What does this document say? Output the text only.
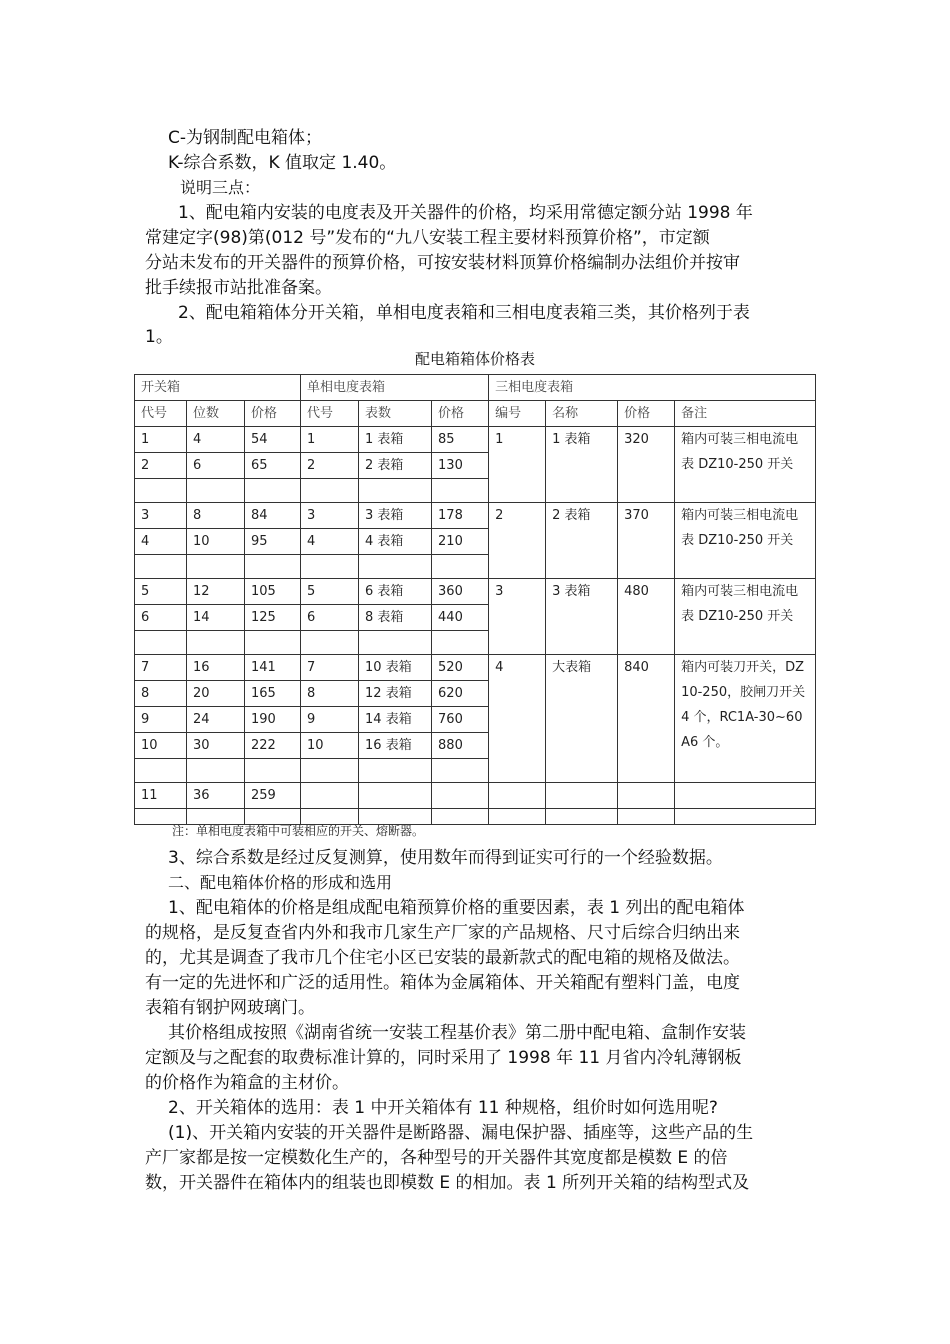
C-为钢制配电箱体；
K-综合系数，K 值取定 1.40。
说明三点：
1、配电箱内安装的电度表及开关器件的价格，均采用常德定额分站 1998 年
常建定字(98)第(012 号”发布的“九八安装工程主要材料预算价格”，市定额
分站未发布的开关器件的预算价格，可按安装材料顶算价格编制办法组价并按审
批手续报市站批准备案。
2、配电箱箱体分开关箱，单相电度表箱和三相电度表箱三类，其价格列于表
1。
配电箱箱体价格表
开关箱			单相电度表箱			三相电度表箱			
代号	位数	价格	代号	表数	价格	编号	名称	价格	备注
1	4	54	1	1 表箱	85	1	1 表箱	320	箱内可装三相电流电表 DZ10-250 开关
2	6	65	2	2 表箱	130				

3	8	84	3	3 表箱	178	2	2 表箱	370	箱内可装三相电流电表 DZ10-250 开关
4	10	95	4	4 表箱	210				

5	12	105	5	6 表箱	360	3	3 表箱	480	箱内可装三相电流电表 DZ10-250 开关
6	14	125	6	8 表箱	440				

7	16	141	7	10 表箱	520	4	大表箱	840	箱内可装刀开关，DZ10-250，胶闸刀开关 4 个，RC1A-30~60A6 个。
8	20	165	8	12 表箱	620				
9	24	190	9	14 表箱	760				
10	30	222	10	16 表箱	880				

11	36	259							

注：单相电度表箱中可装相应的开关、熔断器。
3、综合系数是经过反复测算，使用数年而得到证实可行的一个经验数据。
二、配电箱体价格的形成和选用
1、配电箱体的价格是组成配电箱预算价格的重要因素，表 1 列出的配电箱体
的规格，是反复查省内外和我市几家生产厂家的产品规格、尺寸后综合归纳出来
的，尤其是调查了我市几个住宅小区已安装的最新款式的配电箱的规格及做法。
有一定的先进怀和广泛的适用性。箱体为金属箱体、开关箱配有塑料门盖，电度
表箱有钢护网玻璃门。
其价格组成按照《湖南省统一安装工程基价表》第二册中配电箱、盒制作安装
定额及与之配套的取费标准计算的，同时采用了 1998 年 11 月省内冷轧薄钢板
的价格作为箱盒的主材价。
2、开关箱体的选用：表 1 中开关箱体有 11 种规格，组价时如何选用呢?
(1)、开关箱内安装的开关器件是断路器、漏电保护器、插座等，这些产品的生
产厂家都是按一定模数化生产的，各种型号的开关器件其宽度都是模数 E 的倍
数，开关器件在箱体内的组装也即模数 E 的相加。表 1 所列开关箱的结构型式及
